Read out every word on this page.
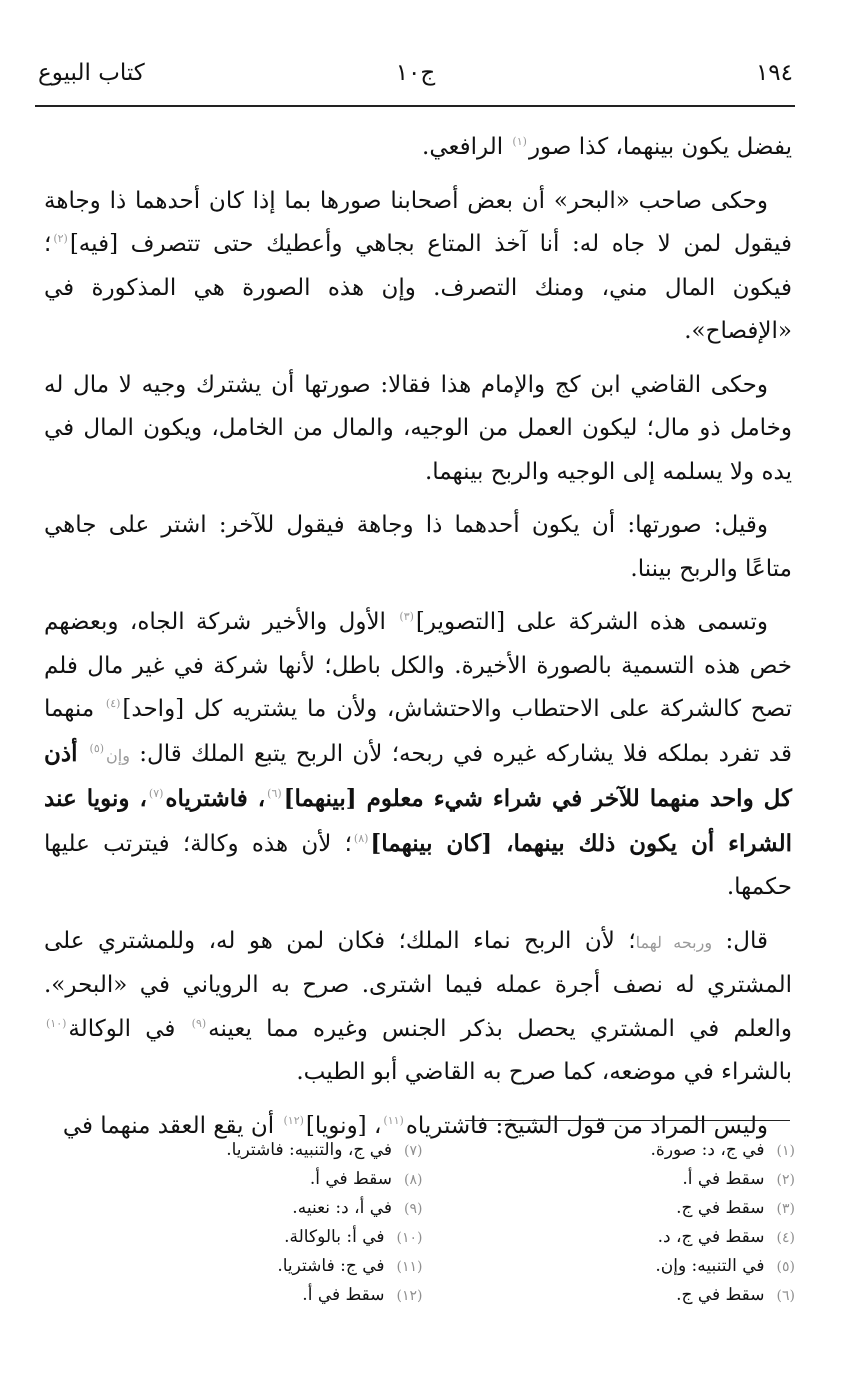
١٩٤
ج١٠
كتاب البيوع

يفضل يكون بينهما، كذا صور$^{(١)}$ الرافعي.

وحكى صاحب «البحر» أن بعض أصحابنا صورها بما إذا كان أحدهما ذا وجاهة فيقول لمن لا جاه له: أنا آخذ المتاع بجاهي وأعطيك حتى تتصرف [فيه]$^{(٢)}$؛ فيكون المال مني، ومنك التصرف. وإن هذه الصورة هي المذكورة في «الإفصاح».

وحكى القاضي ابن كج والإمام هذا فقالا: صورتها أن يشترك وجيه لا مال له وخامل ذو مال؛ ليكون العمل من الوجيه، والمال من الخامل، ويكون المال في يده ولا يسلمه إلى الوجيه والربح بينهما.

وقيل: صورتها: أن يكون أحدهما ذا وجاهة فيقول للآخر: اشتر على جاهي متاعًا والربح بيننا.

وتسمى هذه الشركة على [التصوير]$^{(٣)}$ الأول والأخير شركة الجاه، وبعضهم خص هذه التسمية بالصورة الأخيرة. والكل باطل؛ لأنها شركة في غير مال فلم تصح كالشركة على الاحتطاب والاحتشاش، ولأن ما يشتريه كل [واحد]$^{(٤)}$ منهما قد تفرد بملكه فلا يشاركه غيره في ربحه؛ لأن الربح يتبع الملك قال: وإن$^{(٥)}$ أذن كل واحد منهما للآخر في شراء شيء معلوم [بينهما]$^{(٦)}$، فاشترياه$^{(٧)}$، ونويا عند الشراء أن يكون ذلك بينهما، [كان بينهما]$^{(٨)}$؛ لأن هذه وكالة؛ فيترتب عليها حكمها.

قال: وربحه لهما؛ لأن الربح نماء الملك؛ فكان لمن هو له، وللمشتري على المشتري له نصف أجرة عمله فيما اشترى. صرح به الروياني في «البحر». والعلم في المشتري يحصل بذكر الجنس وغيره مما يعينه$^{(٩)}$ في الوكالة$^{(١٠)}$ بالشراء في موضعه، كما صرح به القاضي أبو الطيب.

وليس المراد من قول الشيخ: فاشترياه$^{(١١)}$، [ونويا]$^{(١٢)}$ أن يقع العقد منهما في

(١)في ج، د: صورة.
(٧)في ج، والتنبيه: فاشتريا.
(٢)سقط في أ.
(٨)سقط في أ.
(٣)سقط في ج.
(٩)في أ، د: نعنيه.
(٤)سقط في ج، د.
(١٠)في أ: بالوكالة.
(٥)في التنبيه: وإن.
(١١)في ج: فاشتريا.
(٦)سقط في ج.
(١٢)سقط في أ.
